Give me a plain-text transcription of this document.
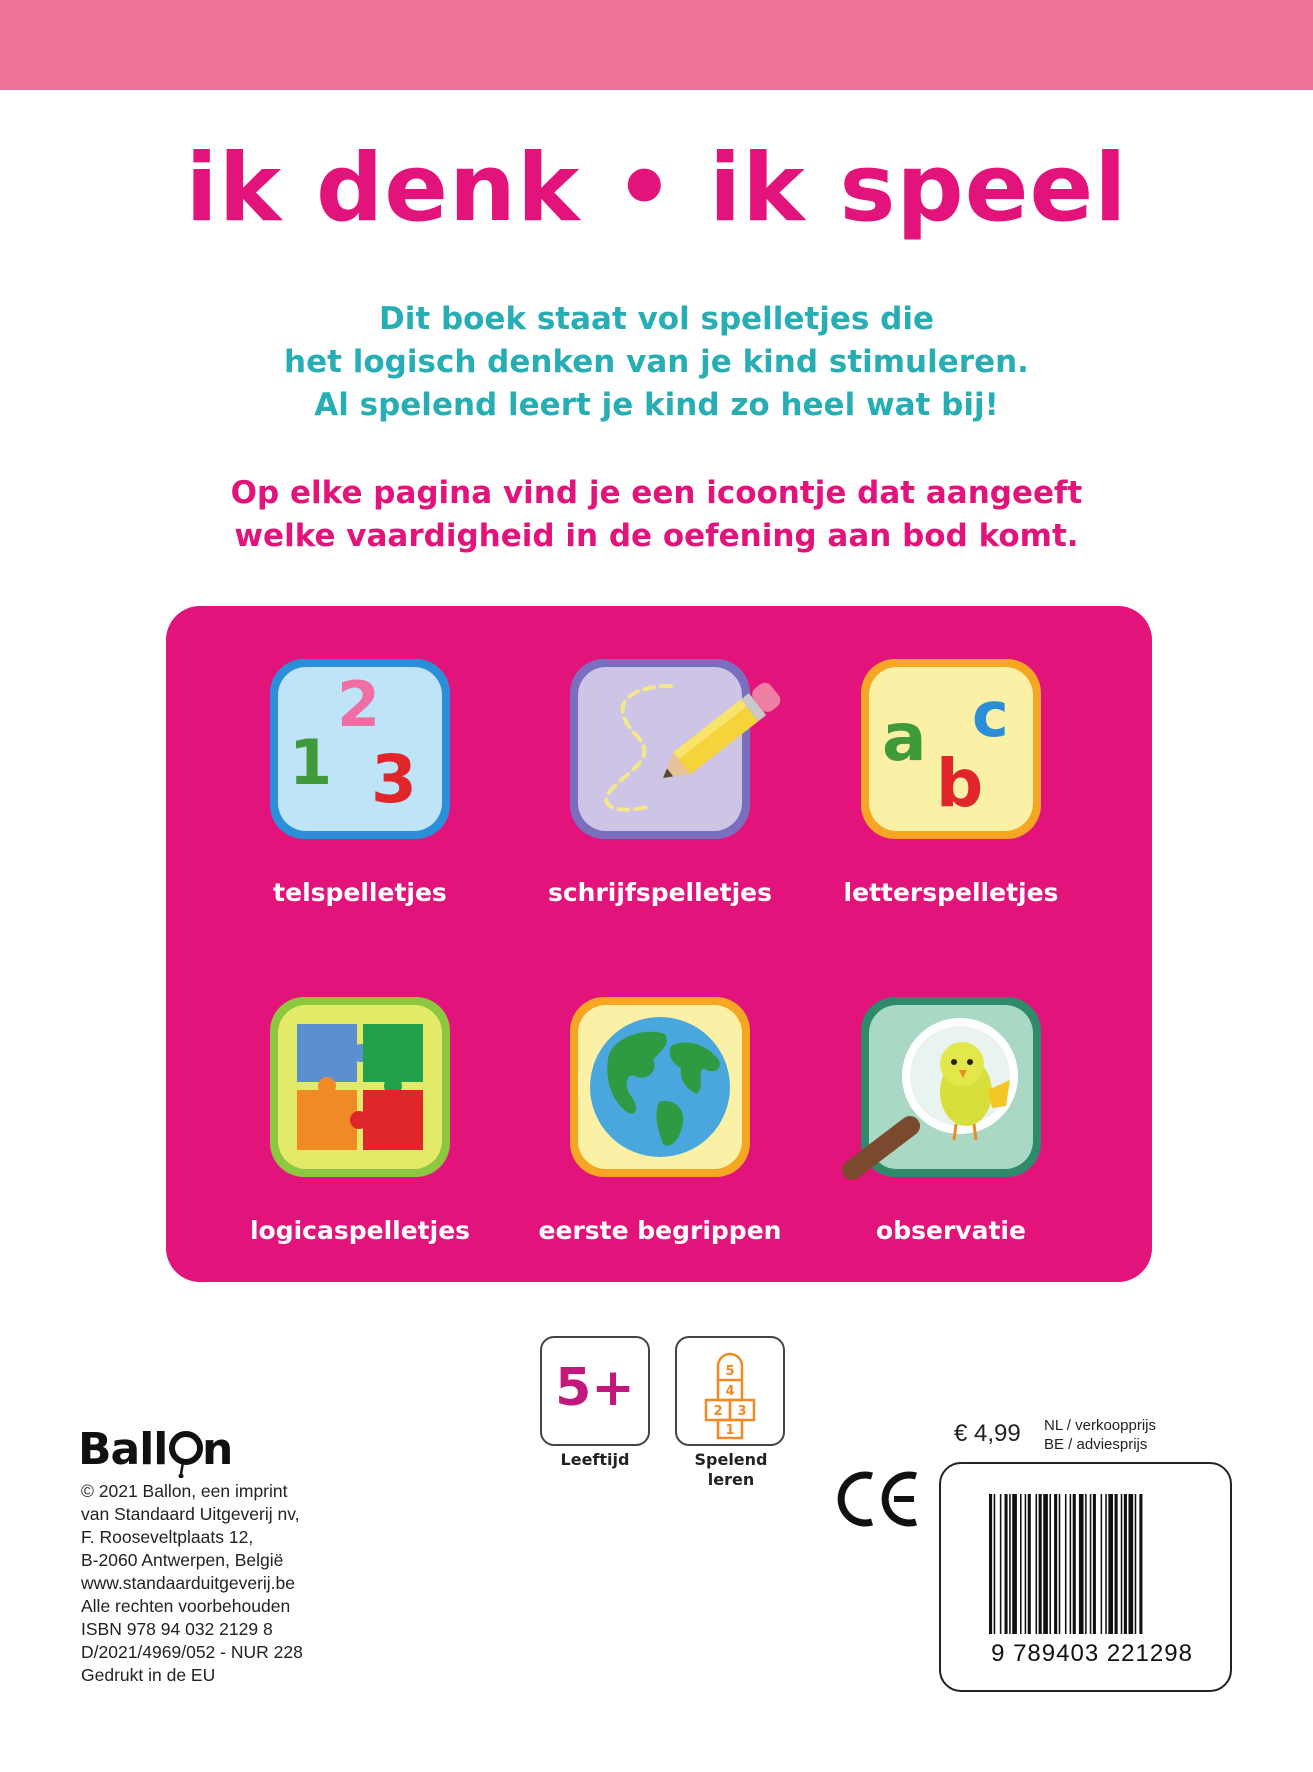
ik denk • ik speel
Dit boek staat vol spelletjes die
het logisch denken van je kind stimuleren.
Al spelend leert je kind zo heel wat bij!
Op elke pagina vind je een icoontje dat aangeeft
welke vaardigheid in de oefening aan bod komt.
1
2
3
telspelletjes	schrijfspelletjes
a
b
c
letterspelletjes
logicaspelletjes	eerste begrippen	observatie
5+
Leeftijd
1
2 3
4
5
Spelend
leren
Ball n
© 2021 Ballon, een imprint
van Standaard Uitgeverij nv,
F. Rooseveltplaats 12,
B-2060 Antwerpen, België
www.standaarduitgeverij.be
Alle rechten voorbehouden
ISBN 978 94 032 2129 8
D/2021/4969/052 - NUR 228
Gedrukt in de EU
€ 4,99 NL / verkoopprijs
BE / adviesprijs
9 789403 221298
